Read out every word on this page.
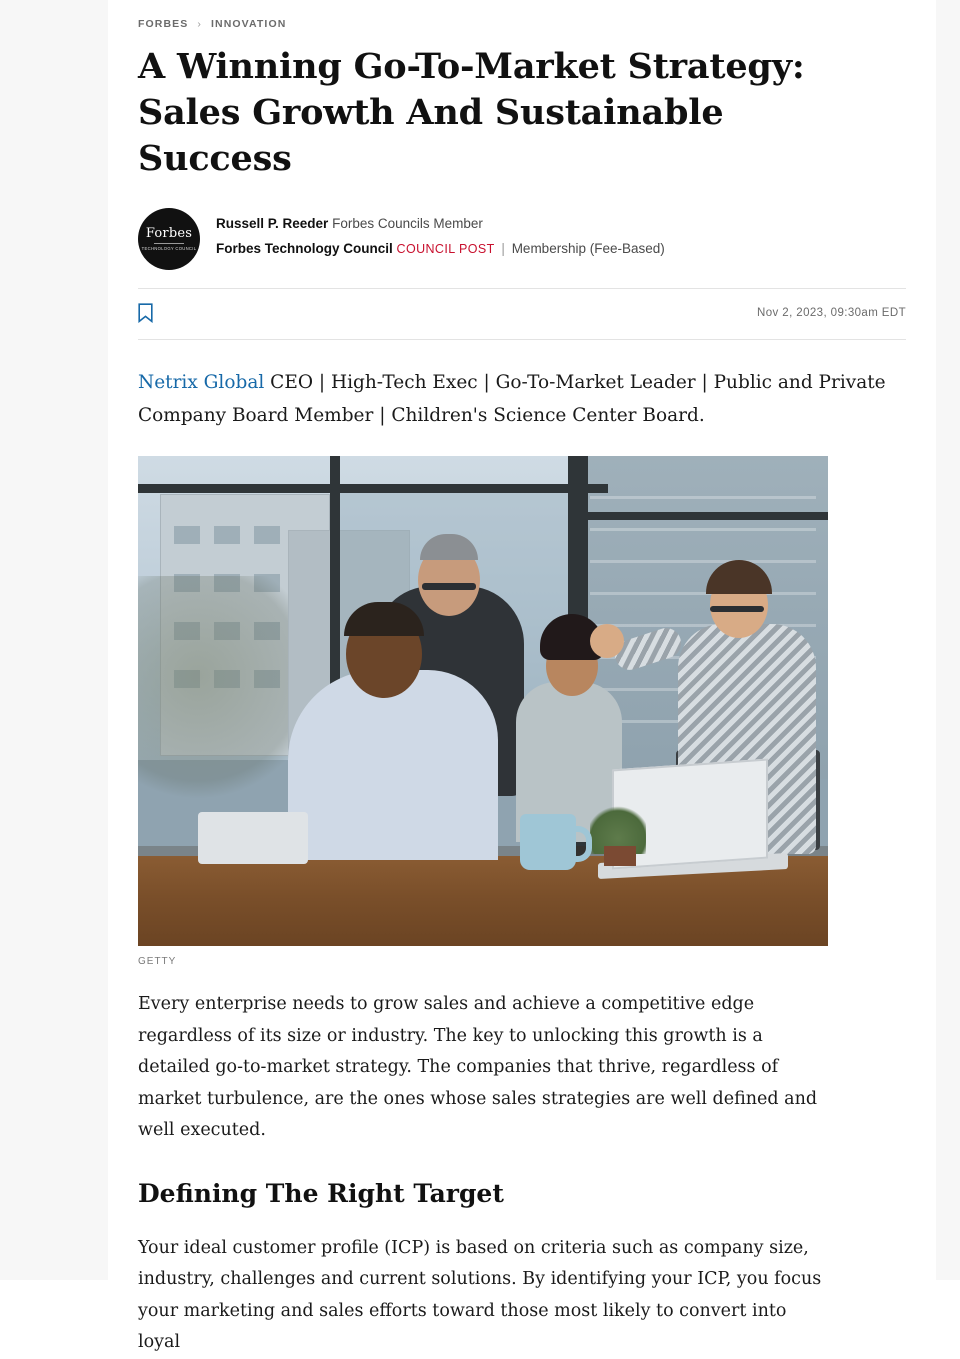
FORBES › INNOVATION
A Winning Go-To-Market Strategy: Sales Growth And Sustainable Success
Forbes
TECHNOLOGY COUNCIL
Russell P. Reeder Forbes Councils Member
Forbes Technology Council COUNCIL POST | Membership (Fee-Based)
Nov 2, 2023, 09:30am EDT
Netrix Global CEO | High-Tech Exec | Go-To-Market Leader | Public and Private Company Board Member | Children's Science Center Board.
GETTY

Every enterprise needs to grow sales and achieve a competitive edge regardless of its size or industry. The key to unlocking this growth is a detailed go-to-market strategy. The companies that thrive, regardless of market turbulence, are the ones whose sales strategies are well defined and well executed.

Defining The Right Target

Your ideal customer profile (ICP) is based on criteria such as company size, industry, challenges and current solutions. By identifying your ICP, you focus your marketing and sales efforts toward those most likely to convert into loyal
